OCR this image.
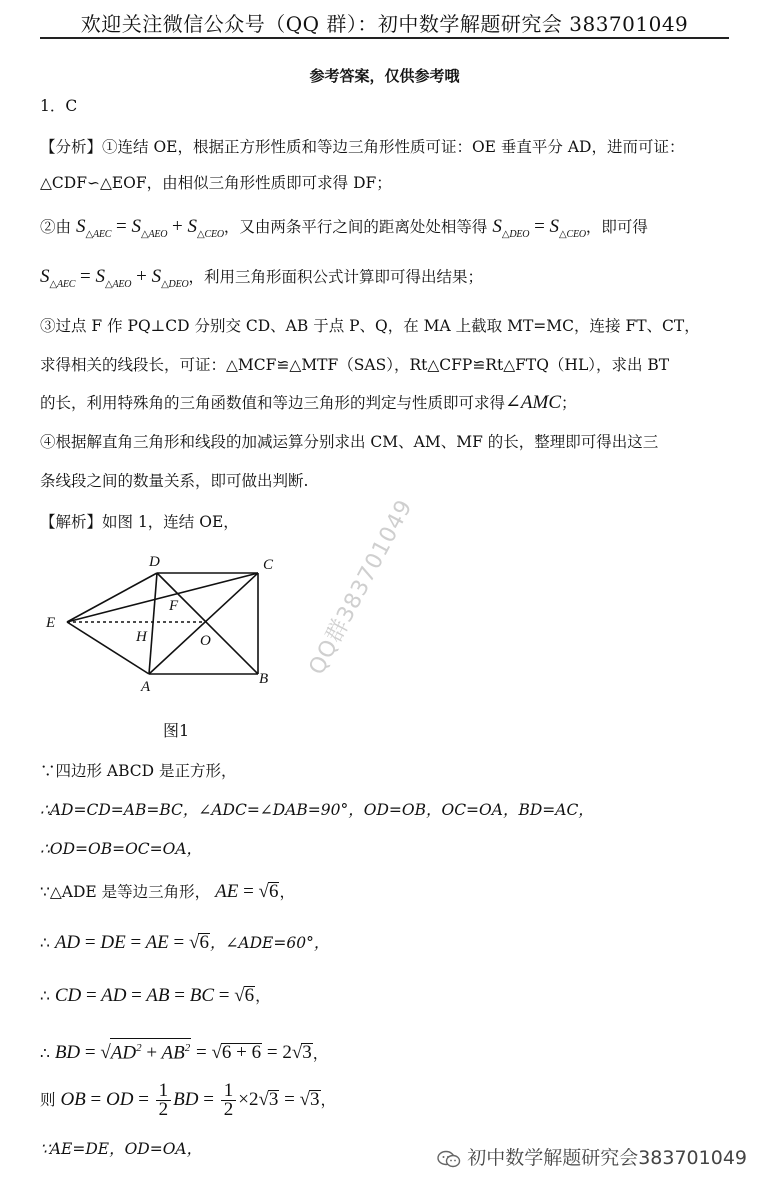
欢迎关注微信公众号（QQ 群）：初中数学解题研究会 383701049
参考答案，仅供参考哦
1．C
【分析】①连结 OE，根据正方形性质和等边三角形性质可证：OE 垂直平分 AD，进而可证：
△CDF∽△EOF，由相似三角形性质即可求得 DF；
②由 $S_{\triangle AEC} = S_{\triangle AEO} + S_{\triangle CEO}$，又由两条平行之间的距离处处相等得 $S_{\triangle DEO} = S_{\triangle CEO}$，即可得
$S_{\triangle AEC} = S_{\triangle AEO} + S_{\triangle DEO}$，利用三角形面积公式计算即可得出结果；
③过点 F 作 PQ⊥CD 分别交 CD、AB 于点 P、Q，在 MA 上截取 MT=MC，连接 FT、CT，
求得相关的线段长，可证：△MCF≌△MTF（SAS），Rt△CFP≌Rt△FTQ（HL），求出 BT
的长，利用特殊角的三角函数值和等边三角形的判定与性质即可求得∠AMC；
④根据解直角三角形和线段的加减运算分别求出 CM、AM、MF 的长，整理即可得出这三
条线段之间的数量关系，即可做出判断.
【解析】如图 1，连结 OE，
D	C
E
F
H	O
A	B
图1
QQ群383701049
∵四边形 ABCD 是正方形，
∴AD=CD=AB=BC，∠ADC=∠DAB=90°，OD=OB，OC=OA，BD=AC，
∴OD=OB=OC=OA，
∵△ADE 是等边三角形， AE = √6，
∴ AD = DE = AE = √6，∠ADE=60°，
∴ CD = AD = AB = BC = √6，
∴ BD = $√AD^2 + AB^2 = √6 + 6 = 2√3$，
则 OB = OD = $\frac{1}{2}$ BD = $\frac{1}{2} \times 2√3 = √3$，
∵AE=DE，OD=OA，	初中数学解题研究会383701049
